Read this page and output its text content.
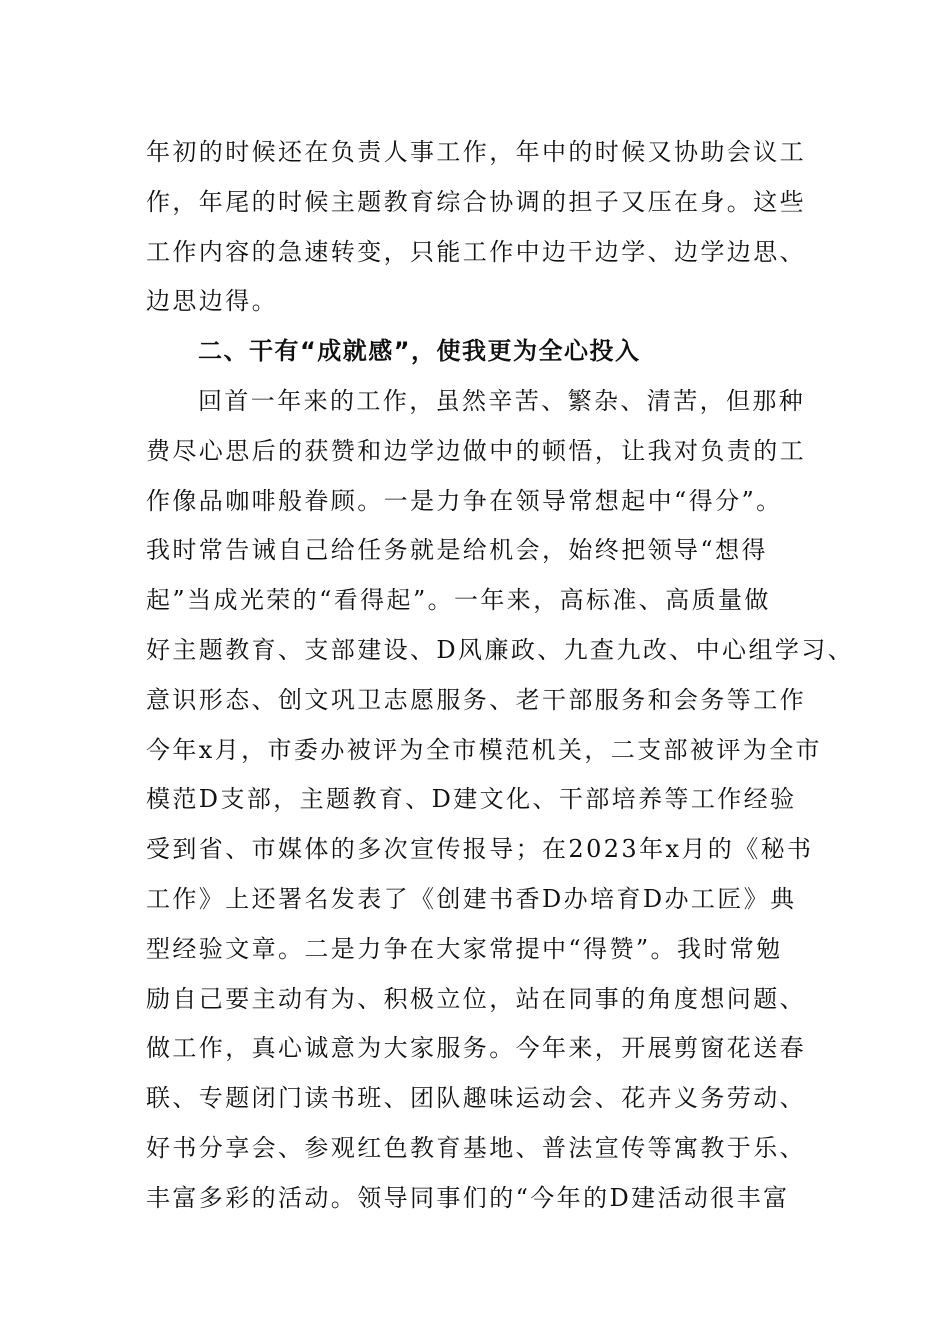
年初的时候还在负责人事工作，年中的时候又协助会议工
作，年尾的时候主题教育综合协调的担子又压在身。这些
工作内容的急速转变，只能工作中边干边学、边学边思、
边思边得。
二、干有“成就感”，使我更为全心投入
回首一年来的工作，虽然辛苦、繁杂、清苦，但那种
费尽心思后的获赞和边学边做中的顿悟，让我对负责的工
作像品咖啡般眷顾。一是力争在领导常想起中“得分”。
我时常告诫自己给任务就是给机会，始终把领导“想得
起”当成光荣的“看得起”。一年来，高标准、高质量做
好主题教育、支部建设、D风廉政、九查九改、中心组学习、
意识形态、创文巩卫志愿服务、老干部服务和会务等工作
今年x月，市委办被评为全市模范机关，二支部被评为全市
模范D支部，主题教育、D建文化、干部培养等工作经验
受到省、市媒体的多次宣传报导；在2023年x月的《秘书
工作》上还署名发表了《创建书香D办培育D办工匠》典
型经验文章。二是力争在大家常提中“得赞”。我时常勉
励自己要主动有为、积极立位，站在同事的角度想问题、
做工作，真心诚意为大家服务。今年来，开展剪窗花送春
联、专题闭门读书班、团队趣味运动会、花卉义务劳动、
好书分享会、参观红色教育基地、普法宣传等寓教于乐、
丰富多彩的活动。领导同事们的“今年的D建活动很丰富
